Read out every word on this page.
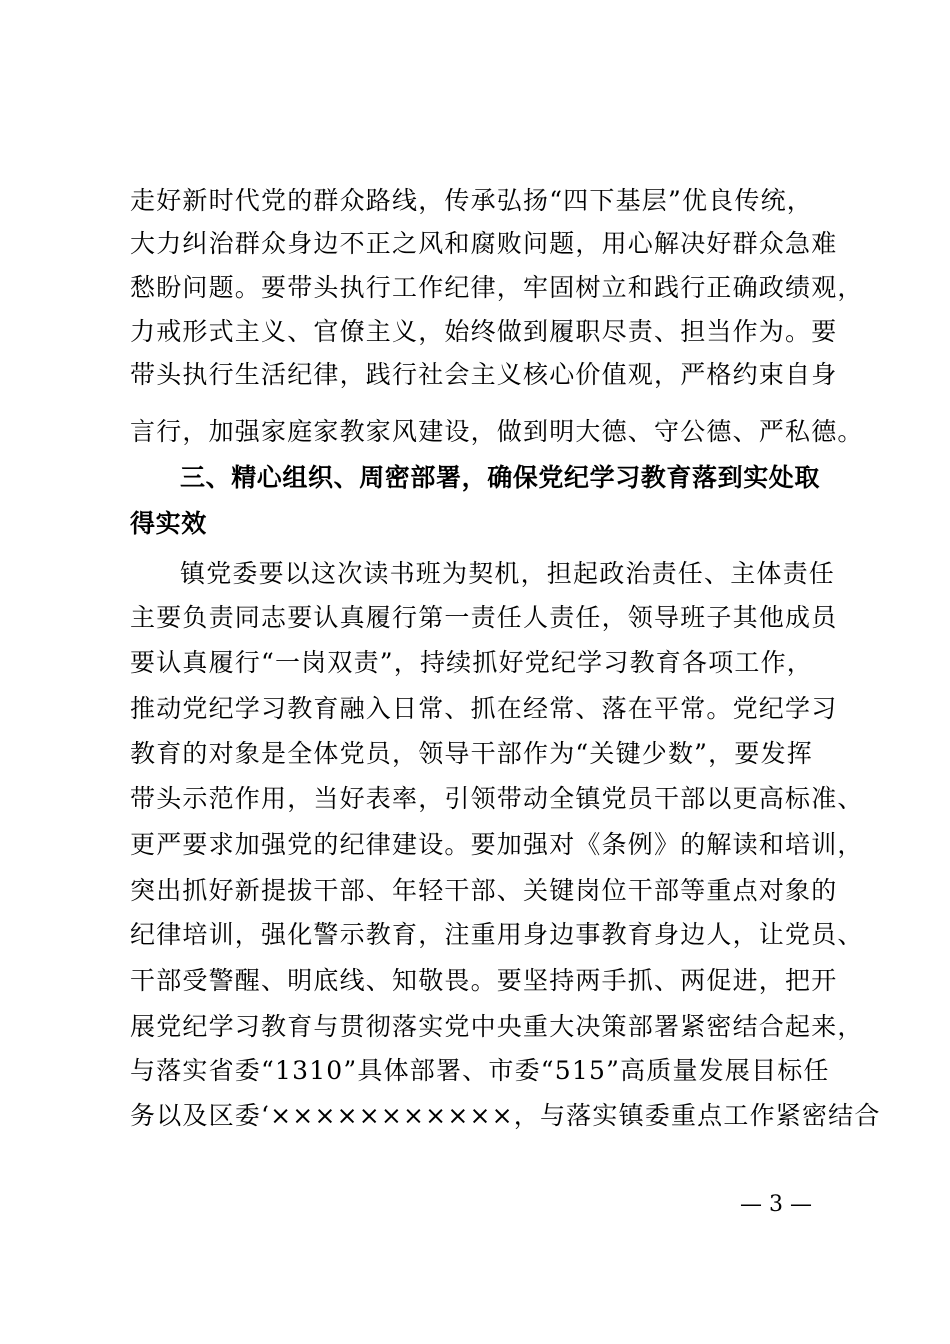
走好新时代党的群众路线，传承弘扬“四下基层”优良传统，
大力纠治群众身边不正之风和腐败问题，用心解决好群众急难
愁盼问题。要带头执行工作纪律，牢固树立和践行正确政绩观，
力戒形式主义、官僚主义，始终做到履职尽责、担当作为。要
带头执行生活纪律，践行社会主义核心价值观，严格约束自身
言行，加强家庭家教家风建设，做到明大德、守公德、严私德。
三、精心组织、周密部署，确保党纪学习教育落到实处取
得实效
镇党委要以这次读书班为契机，担起政治责任、主体责任
主要负责同志要认真履行第一责任人责任，领导班子其他成员
要认真履行“一岗双责”，持续抓好党纪学习教育各项工作，
推动党纪学习教育融入日常、抓在经常、落在平常。党纪学习
教育的对象是全体党员，领导干部作为“关键少数”，要发挥
带头示范作用，当好表率，引领带动全镇党员干部以更高标准、
更严要求加强党的纪律建设。要加强对《条例》的解读和培训，
突出抓好新提拔干部、年轻干部、关键岗位干部等重点对象的
纪律培训，强化警示教育，注重用身边事教育身边人，让党员、
干部受警醒、明底线、知敬畏。要坚持两手抓、两促进，把开
展党纪学习教育与贯彻落实党中央重大决策部署紧密结合起来，
与落实省委“1310”具体部署、市委“515”高质量发展目标任
务以及区委‘×××××××××××，与落实镇委重点工作紧密结合
— 3 —
